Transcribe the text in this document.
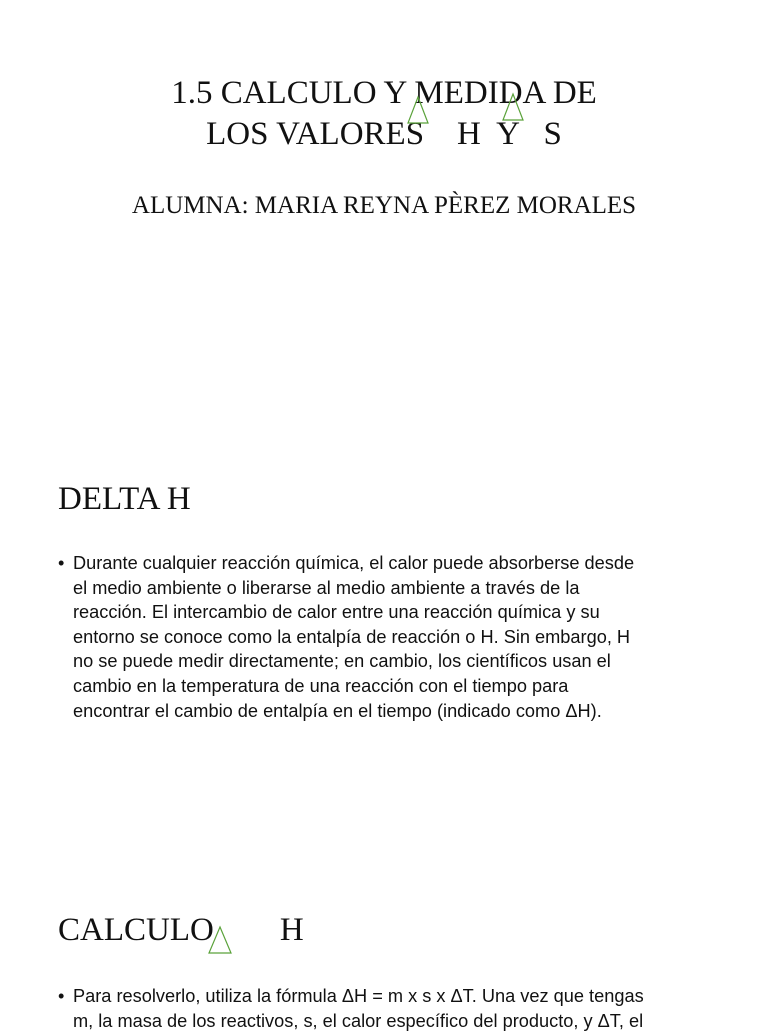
1.5 CALCULO Y MEDIDA DE
LOS VALORES    H  Y   S
ALUMNA: MARIA REYNA PÈREZ MORALES
DELTA H
• Durante cualquier reacción química, el calor puede absorberse desde
el medio ambiente o liberarse al medio ambiente a través de la
reacción. El intercambio de calor entre una reacción química y su
entorno se conoce como la entalpía de reacción o H. Sin embargo, H
no se puede medir directamente; en cambio, los científicos usan el
cambio en la temperatura de una reacción con el tiempo para
encontrar el cambio de entalpía en el tiempo (indicado como ΔH).
CALCULO        H
• Para resolverlo, utiliza la fórmula ΔH = m x s x ΔT. Una vez que tengas
m, la masa de los reactivos, s, el calor específico del producto, y ΔT, el
